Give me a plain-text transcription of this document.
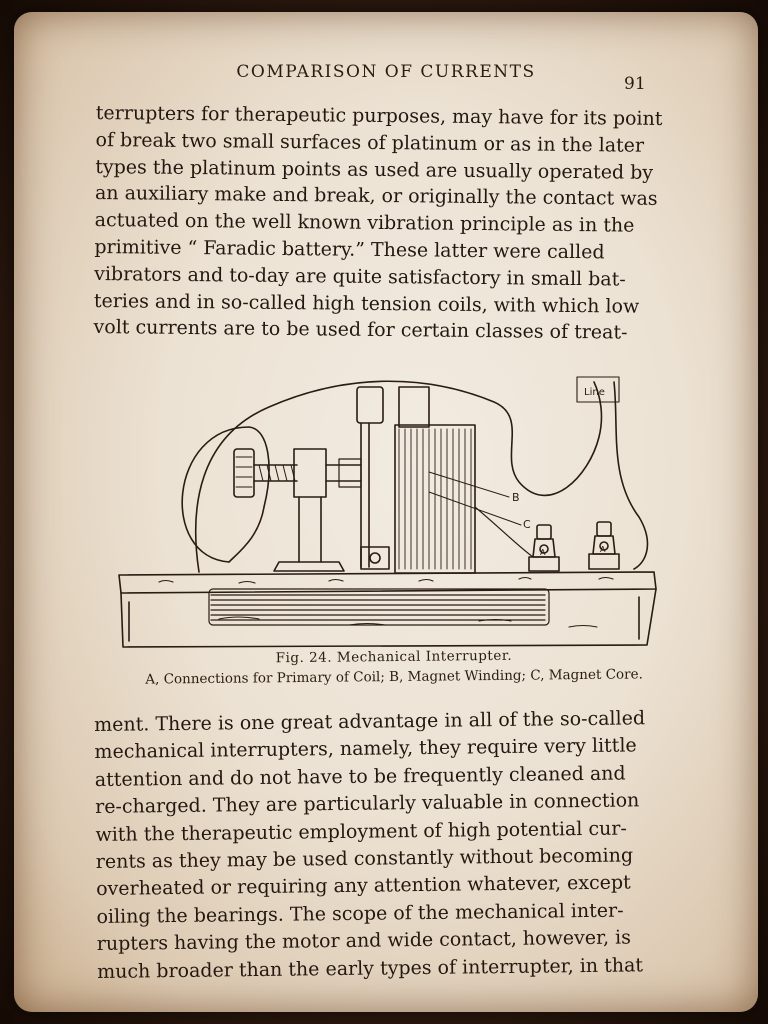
COMPARISON OF CURRENTS
91

terrupters for therapeutic purposes, may have for its point
of break two small surfaces of platinum or as in the later
types the platinum points as used are usually operated by
an auxiliary make and break, or originally the contact was
actuated on the well known vibration principle as in the
primitive “ Faradic battery.” These latter were called
vibrators and to-day are quite satisfactory in small bat-
teries and in so-called high tension coils, with which low
volt currents are to be used for certain classes of treat-

Line
B
C
A	A
Fig. 24. Mechanical Interrupter.
A, Connections for Primary of Coil; B, Magnet Winding; C, Magnet Core.

ment. There is one great advantage in all of the so-called
mechanical interrupters, namely, they require very little
attention and do not have to be frequently cleaned and
re-charged. They are particularly valuable in connection
with the therapeutic employment of high potential cur-
rents as they may be used constantly without becoming
overheated or requiring any attention whatever, except
oiling the bearings. The scope of the mechanical inter-
rupters having the motor and wide contact, however, is
much broader than the early types of interrupter, in that
